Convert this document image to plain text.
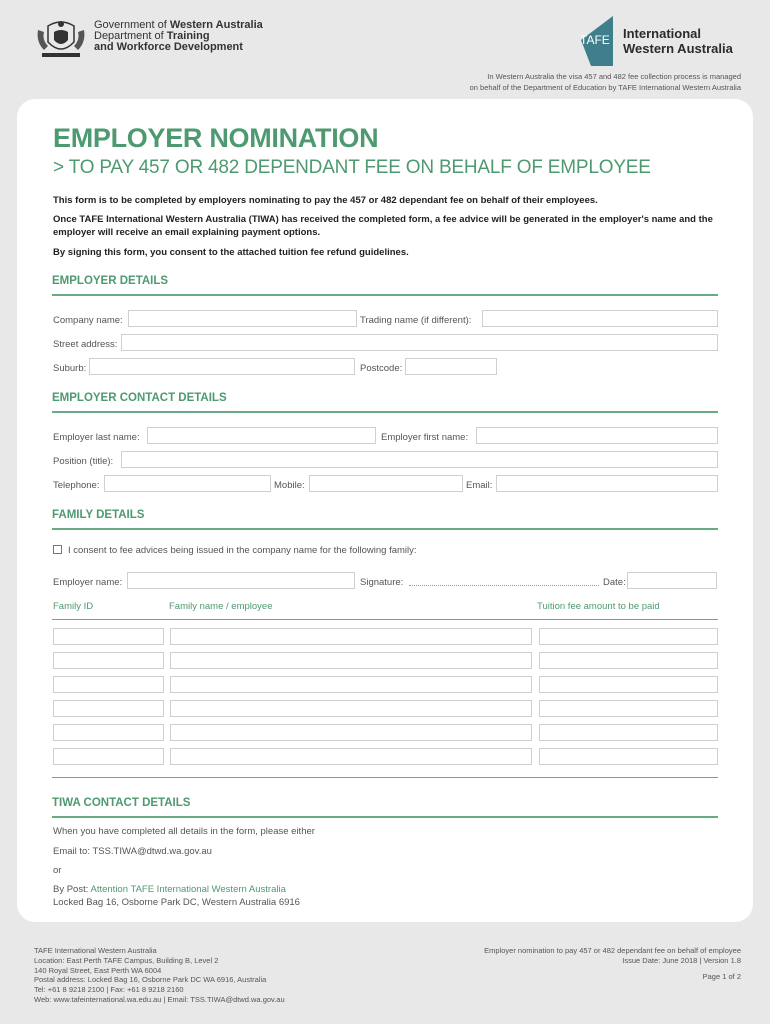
Government of Western Australia
Department of Training
and Workforce Development	TAFE International
Western Australia
In Western Australia the visa 457 and 482 fee collection process is managed
on behalf of the Department of Education by TAFE International Western Australia
EMPLOYER NOMINATION
> TO PAY 457 OR 482 DEPENDANT FEE ON BEHALF OF EMPLOYEE
This form is to be completed by employers nominating to pay the 457 or 482 dependant fee on behalf of their employees.
Once TAFE International Western Australia (TIWA) has received the completed form, a fee advice will be generated in the employer's name and the employer will receive an email explaining payment options.
By signing this form, you consent to the attached tuition fee refund guidelines.
EMPLOYER DETAILS
Company name:	Trading name (if different):
Street address:
Suburb:	Postcode:
EMPLOYER CONTACT DETAILS
Employer last name:	Employer first name:
Position (title):
Telephone:	Mobile:	Email:
FAMILY DETAILS
I consent to fee advices being issued in the company name for the following family:
Employer name:	Signature:	Date:
Family ID	Family name / employee	Tuition fee amount to be paid
TIWA CONTACT DETAILS
When you have completed all details in the form, please either
Email to: TSS.TIWA@dtwd.wa.gov.au
or
By Post: Attention TAFE International Western Australia
Locked Bag 16, Osborne Park DC, Western Australia 6916
TAFE International Western Australia
Location: East Perth TAFE Campus, Building B, Level 2
140 Royal Street, East Perth WA 6004
Postal address: Locked Bag 16, Osborne Park DC WA 6916, Australia
Tel: +61 8 9218 2100 | Fax: +61 8 9218 2160
Web: www.tafeinternational.wa.edu.au | Email: TSS.TIWA@dtwd.wa.gov.au
Employer nomination to pay 457 or 482 dependant fee on behalf of employee
Issue Date: June 2018 | Version 1.8
Page 1 of 2
